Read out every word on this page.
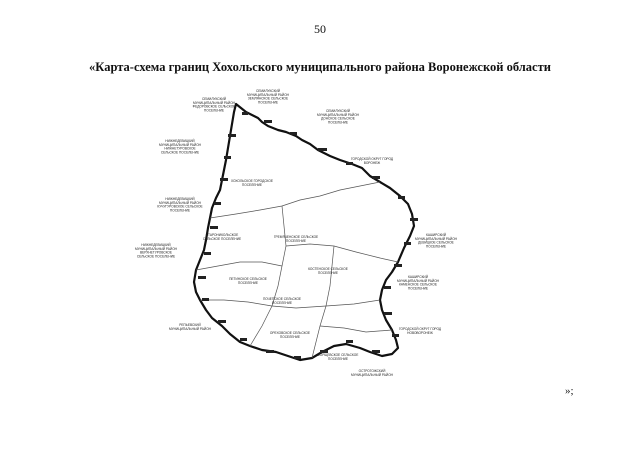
50
«Карта-схема границ Хохольского муниципального района Воронежской области
СЕМИЛУКСКИЙ МУНИЦИПАЛЬНЫЙ РАЙОН ФЕДОРОВСКОЕ СЕЛЬСКОЕ ПОСЕЛЕНИЕ
СЕМИЛУКСКИЙ МУНИЦИПАЛЬНЫЙ РАЙОН ЗЕМЛЯНСКОЕ СЕЛЬСКОЕ ПОСЕЛЕНИЕ
СЕМИЛУКСКИЙ МУНИЦИПАЛЬНЫЙ РАЙОН ДОНСКОЕ СЕЛЬСКОЕ ПОСЕЛЕНИЕ
НИЖНЕДЕВИЦКИЙ МУНИЦИПАЛЬНЫЙ РАЙОН НИЖНЕТУРОВСКОЕ СЕЛЬСКОЕ ПОСЕЛЕНИЕ
НИЖНЕДЕВИЦКИЙ МУНИЦИПАЛЬНЫЙ РАЙОН КУЧУГУРОВСКОЕ СЕЛЬСКОЕ ПОСЕЛЕНИЕ
НИЖНЕДЕВИЦКИЙ МУНИЦИПАЛЬНЫЙ РАЙОН ВЕРХНЕТУРОВСКОЕ СЕЛЬСКОЕ ПОСЕЛЕНИЕ
ГОРОДСКОЙ ОКРУГ ГОРОД ВОРОНЕЖ
КАШИРСКИЙ МУНИЦИПАЛЬНЫЙ РАЙОН ДЕВИЦКОЕ СЕЛЬСКОЕ ПОСЕЛЕНИЕ
КАШИРСКИЙ МУНИЦИПАЛЬНЫЙ РАЙОН КАМЕНСКОЕ СЕЛЬСКОЕ ПОСЕЛЕНИЕ
ГОРОДСКОЙ ОКРУГ ГОРОД НОВОВОРОНЕЖ
ОСТРОГОЖСКИЙ МУНИЦИПАЛЬНЫЙ РАЙОН
РЕПЬЕВСКИЙ МУНИЦИПАЛЬНЫЙ РАЙОН
ХОХОЛЬСКОЕ ГОРОДСКОЕ ПОСЕЛЕНИЕ
СТАРОНИКОЛЬСКОЕ СЕЛЬСКОЕ ПОСЕЛЕНИЕ	ГРЕМЯЧЕНСКОЕ СЕЛЬСКОЕ ПОСЕЛЕНИЕ
КОСТЕНСКОЕ СЕЛЬСКОЕ ПОСЕЛЕНИЕ
ПОЧЕПСКОЕ СЕЛЬСКОЕ ПОСЕЛЕНИЕ
ОРЕХОВСКОЕ СЕЛЬСКОЕ ПОСЕЛЕНИЕ
БОРЩЕВСКОЕ СЕЛЬСКОЕ ПОСЕЛЕНИЕ
ПЕТИНСКОЕ СЕЛЬСКОЕ ПОСЕЛЕНИЕ
»;
